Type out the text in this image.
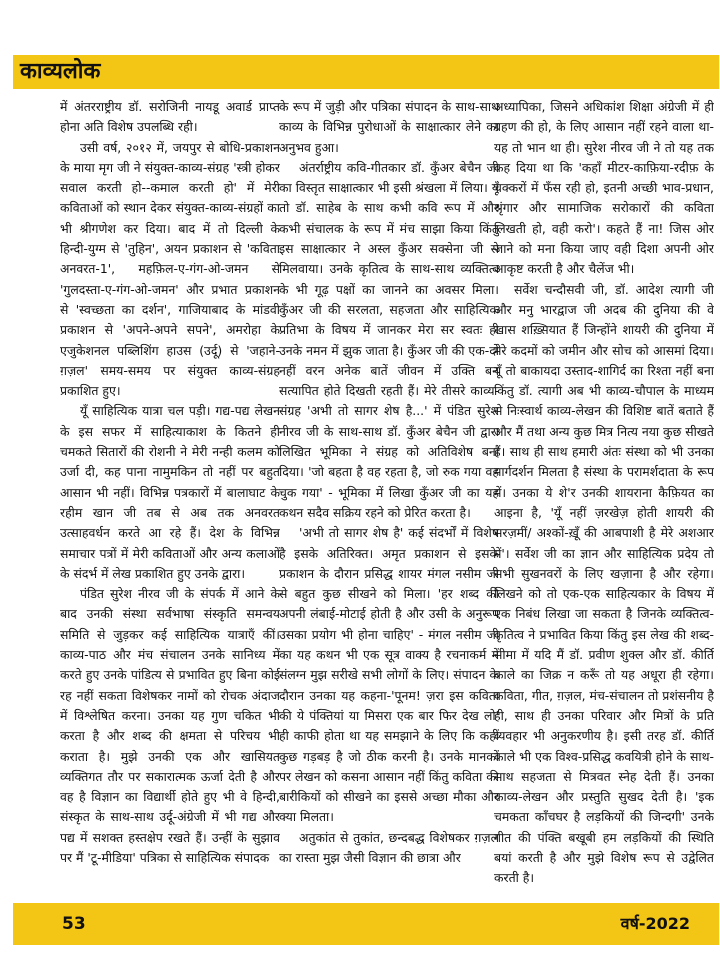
काव्यलोक

में अंतरराष्ट्रीय डॉ. सरोजिनी नायडू अवार्ड प्राप्त होना अति विशेष उपलब्धि रही।

उसी वर्ष, २०१२ में, जयपुर से बोधि-प्रकाशन के माया मृग जी ने संयुक्त-काव्य-संग्रह 'स्त्री होकर सवाल करती हो--कमाल करती हो' में मेरी कविताओं को स्थान देकर संयुक्त-काव्य-संग्रहों का भी श्रीगणेश कर दिया। बाद में तो दिल्ली के हिन्दी-युग्म से 'तुहिन', अयन प्रकाशन से 'कविता अनवरत-1', महफ़िल-ए-गंग-ओ-जमन से 'गुलदस्ता-ए-गंग-ओ-जमन' और प्रभात प्रकाशन से 'स्वच्छता का दर्शन', गाजियाबाद के मांडवी प्रकाशन से 'अपने-अपने सपने', अमरोहा के एजुकेशनल पब्लिशिंग हाउस (उर्दू) से 'जहाने-ग़ज़ल' समय-समय पर संयुक्त काव्य-संग्रह प्रकाशित हुए।

यूँ साहित्यिक यात्रा चल पड़ी। गद्य-पद्य लेखन के इस सफर में साहित्याकाश के कितने ही चमकते सितारों की रोशनी ने मेरी नन्ही कलम को उर्जा दी, कह पाना नामुमकिन तो नहीं पर बहुत आसान भी नहीं। विभिन्न पत्रकारों में बालाघाट के रहीम खान जी तब से अब तक अनवरत उत्साहवर्धन करते आ रहे हैं। देश के विभिन्न समाचार पत्रों में मेरी कविताओं और अन्य कलाओं के संदर्भ में लेख प्रकाशित हुए उनके द्वारा।

पंडित सुरेश नीरव जी के संपर्क में आने के बाद उनकी संस्था सर्वभाषा संस्कृति समन्वय समिति से जुड़कर कई साहित्यिक यात्राएँ कीं। काव्य-पाठ और मंच संचालन उनके सानिध्य में करते हुए उनके पांडित्य से प्रभावित हुए बिना कोई रह नहीं सकता विशेषकर नामों को रोचक अंदाज में विश्लेषित करना। उनका यह गुण चकित भी करता है और शब्द की क्षमता से परिचय भी कराता है। मुझे उनकी एक और खासियत व्यक्तिगत तौर पर सकारात्मक ऊर्जा देती है और वह है विज्ञान का विद्यार्थी होते हुए भी वे हिन्दी, संस्कृत के साथ-साथ उर्दू-अंग्रेजी में भी गद्य और पद्य में सशक्त हस्तक्षेप रखते हैं। उन्हीं के सुझाव पर मैं 'टू-मीडिया' पत्रिका से साहित्यिक संपादक

के रूप में जुड़ी और पत्रिका संपादन के साथ-साथ काव्य के विभिन्न पुरोधाओं के साक्षात्कार लेने का अनुभव हुआ।

अंतर्राष्ट्रीय कवि-गीतकार डॉ. कुँअर बेचैन जी का विस्तृत साक्षात्कार भी इसी श्रंखला में लिया। यूँ तो डॉ. साहेब के साथ कभी कवि रूप में और कभी संचालक के रूप में मंच साझा किया किंतु इस साक्षात्कार ने अस्ल कुँअर सक्सेना जी से मिलवाया। उनके कृतित्व के साथ-साथ व्यक्तित्व के भी गूढ़ पक्षों का जानने का अवसर मिला। कुँअर जी की सरलता, सहजता और साहित्यिक प्रतिभा के विषय में जानकर मेरा सर स्वतः ही उनके नमन में झुक जाता है। कुँअर जी की एक-दो नहीं वरन अनेक बातें जीवन में उक्ति बन सत्यापित होते दिखती रहती हैं। मेरे तीसरे काव्य-संग्रह 'अभी तो सागर शेष है...' में पंडित सुरेश नीरव जी के साथ-साथ डॉ. कुँअर बेचैन जी द्वारा लिखित भूमिका ने संग्रह को अतिविशेष बना दिया। 'जो बहता है वह रहता है, जो रुक गया वह चुक गया' - भूमिका में लिखा कुँअर जी का यह कथन सदैव सक्रिय रहने को प्रेरित करता है।

'अभी तो सागर शेष है' कई संदर्भों में विशेष है इसके अतिरिक्त। अमृत प्रकाशन से इसके प्रकाशन के दौरान प्रसिद्ध शायर मंगल नसीम जी से बहुत कुछ सीखने को मिला। 'हर शब्द की अपनी लंबाई-मोटाई होती है और उसी के अनुरूप उसका प्रयोग भी होना चाहिए' - मंगल नसीम जी का यह कथन भी एक सूत्र वाक्य है रचनाकर्म में संलग्न मुझ सरीखे सभी लोगों के लिए। संपादन के दौरान उनका यह कहना-'पूनम! ज़रा इस कविता की ये पंक्तियां या मिसरा एक बार फिर देख लो' ही काफी होता था यह समझाने के लिए कि कहीं कुछ गड़बड़ है जो ठीक करनी है। उनके मानकों पर लेखन को कसना आसान नहीं किंतु कविता की बारीकियों को सीखने का इससे अच्छा मौका और क्या मिलता।

अतुकांत से तुकांत, छन्दबद्ध विशेषकर ग़ज़ल का रास्ता मुझ जैसी विज्ञान की छात्रा और

अध्यापिका, जिसने अधिकांश शिक्षा अंग्रेजी में ही ग्रहण की हो, के लिए आसान नहीं रहने वाला था-यह तो भान था ही। सुरेश नीरव जी ने तो यह तक कह दिया था कि 'कहाँ मीटर-काफ़िया-रदीफ़ के चक्करों में फँस रही हो, इतनी अच्छी भाव-प्रधान, श्रृंगार और सामाजिक सरोकारों की कविता लिखती हो, वही करो'। कहते हैं ना! जिस ओर जाने को मना किया जाए वही दिशा अपनी ओर आकृष्ट करती है और चैलेंज भी।

सर्वेश चन्दौसवी जी, डॉ. आदेश त्यागी जी और मनु भारद्वाज जी अदब की दुनिया की वे खास शख़्सियात हैं जिन्होंने शायरी की दुनिया में मेरे कदमों को जमीन और सोच को आसमां दिया। यूँ तो बाकायदा उस्ताद-शागिर्द का रिश्ता नहीं बना किंतु डॉ. त्यागी अब भी काव्य-चौपाल के माध्यम से निःस्वार्थ काव्य-लेखन की विशिष्ट बातें बताते हैं और मैं तथा अन्य कुछ मित्र नित्य नया कुछ सीखते हैं। साथ ही साथ हमारी अंतः संस्था को भी उनका मार्गदर्शन मिलता है संस्था के परामर्शदाता के रूप में। उनका ये शे'र उनकी शायराना कैफ़ियत का आइना है, 'यूँ नहीं ज़रखेज़ होती शायरी की सरज़मीं/ अश्कों-ख़ूँ की आबपाशी है मेरे अशआर में'। सर्वेश जी का ज्ञान और साहित्यिक प्रदेय तो सभी सुखनवरों के लिए खज़ाना है और रहेगा। लिखने को तो एक-एक साहित्यकार के विषय में एक निबंध लिखा जा सकता है जिनके व्यक्तित्व-कृतित्व ने प्रभावित किया किंतु इस लेख की शब्द-सीमा में यदि मैं डॉ. प्रवीण शुक्ल और डॉ. कीर्ति काले का जिक्र न करूँ तो यह अधूरा ही रहेगा। कविता, गीत, ग़ज़ल, मंच-संचालन तो प्रशंसनीय है ही, साथ ही उनका परिवार और मित्रों के प्रति व्यवहार भी अनुकरणीय है। इसी तरह डॉ. कीर्ति काले भी एक विश्व-प्रसिद्ध कवयित्री होने के साथ-साथ सहजता से मित्रवत स्नेह देती हैं। उनका काव्य-लेखन और प्रस्तुति सुखद देती है। 'इक चमकता काँचघर है लड़कियों की जिन्दगी' उनके गीत की पंक्ति बखूबी हम लड़कियों की स्थिति बयां करती है और मुझे विशेष रूप से उद्वेलित करती है।

53	वर्ष-2022
